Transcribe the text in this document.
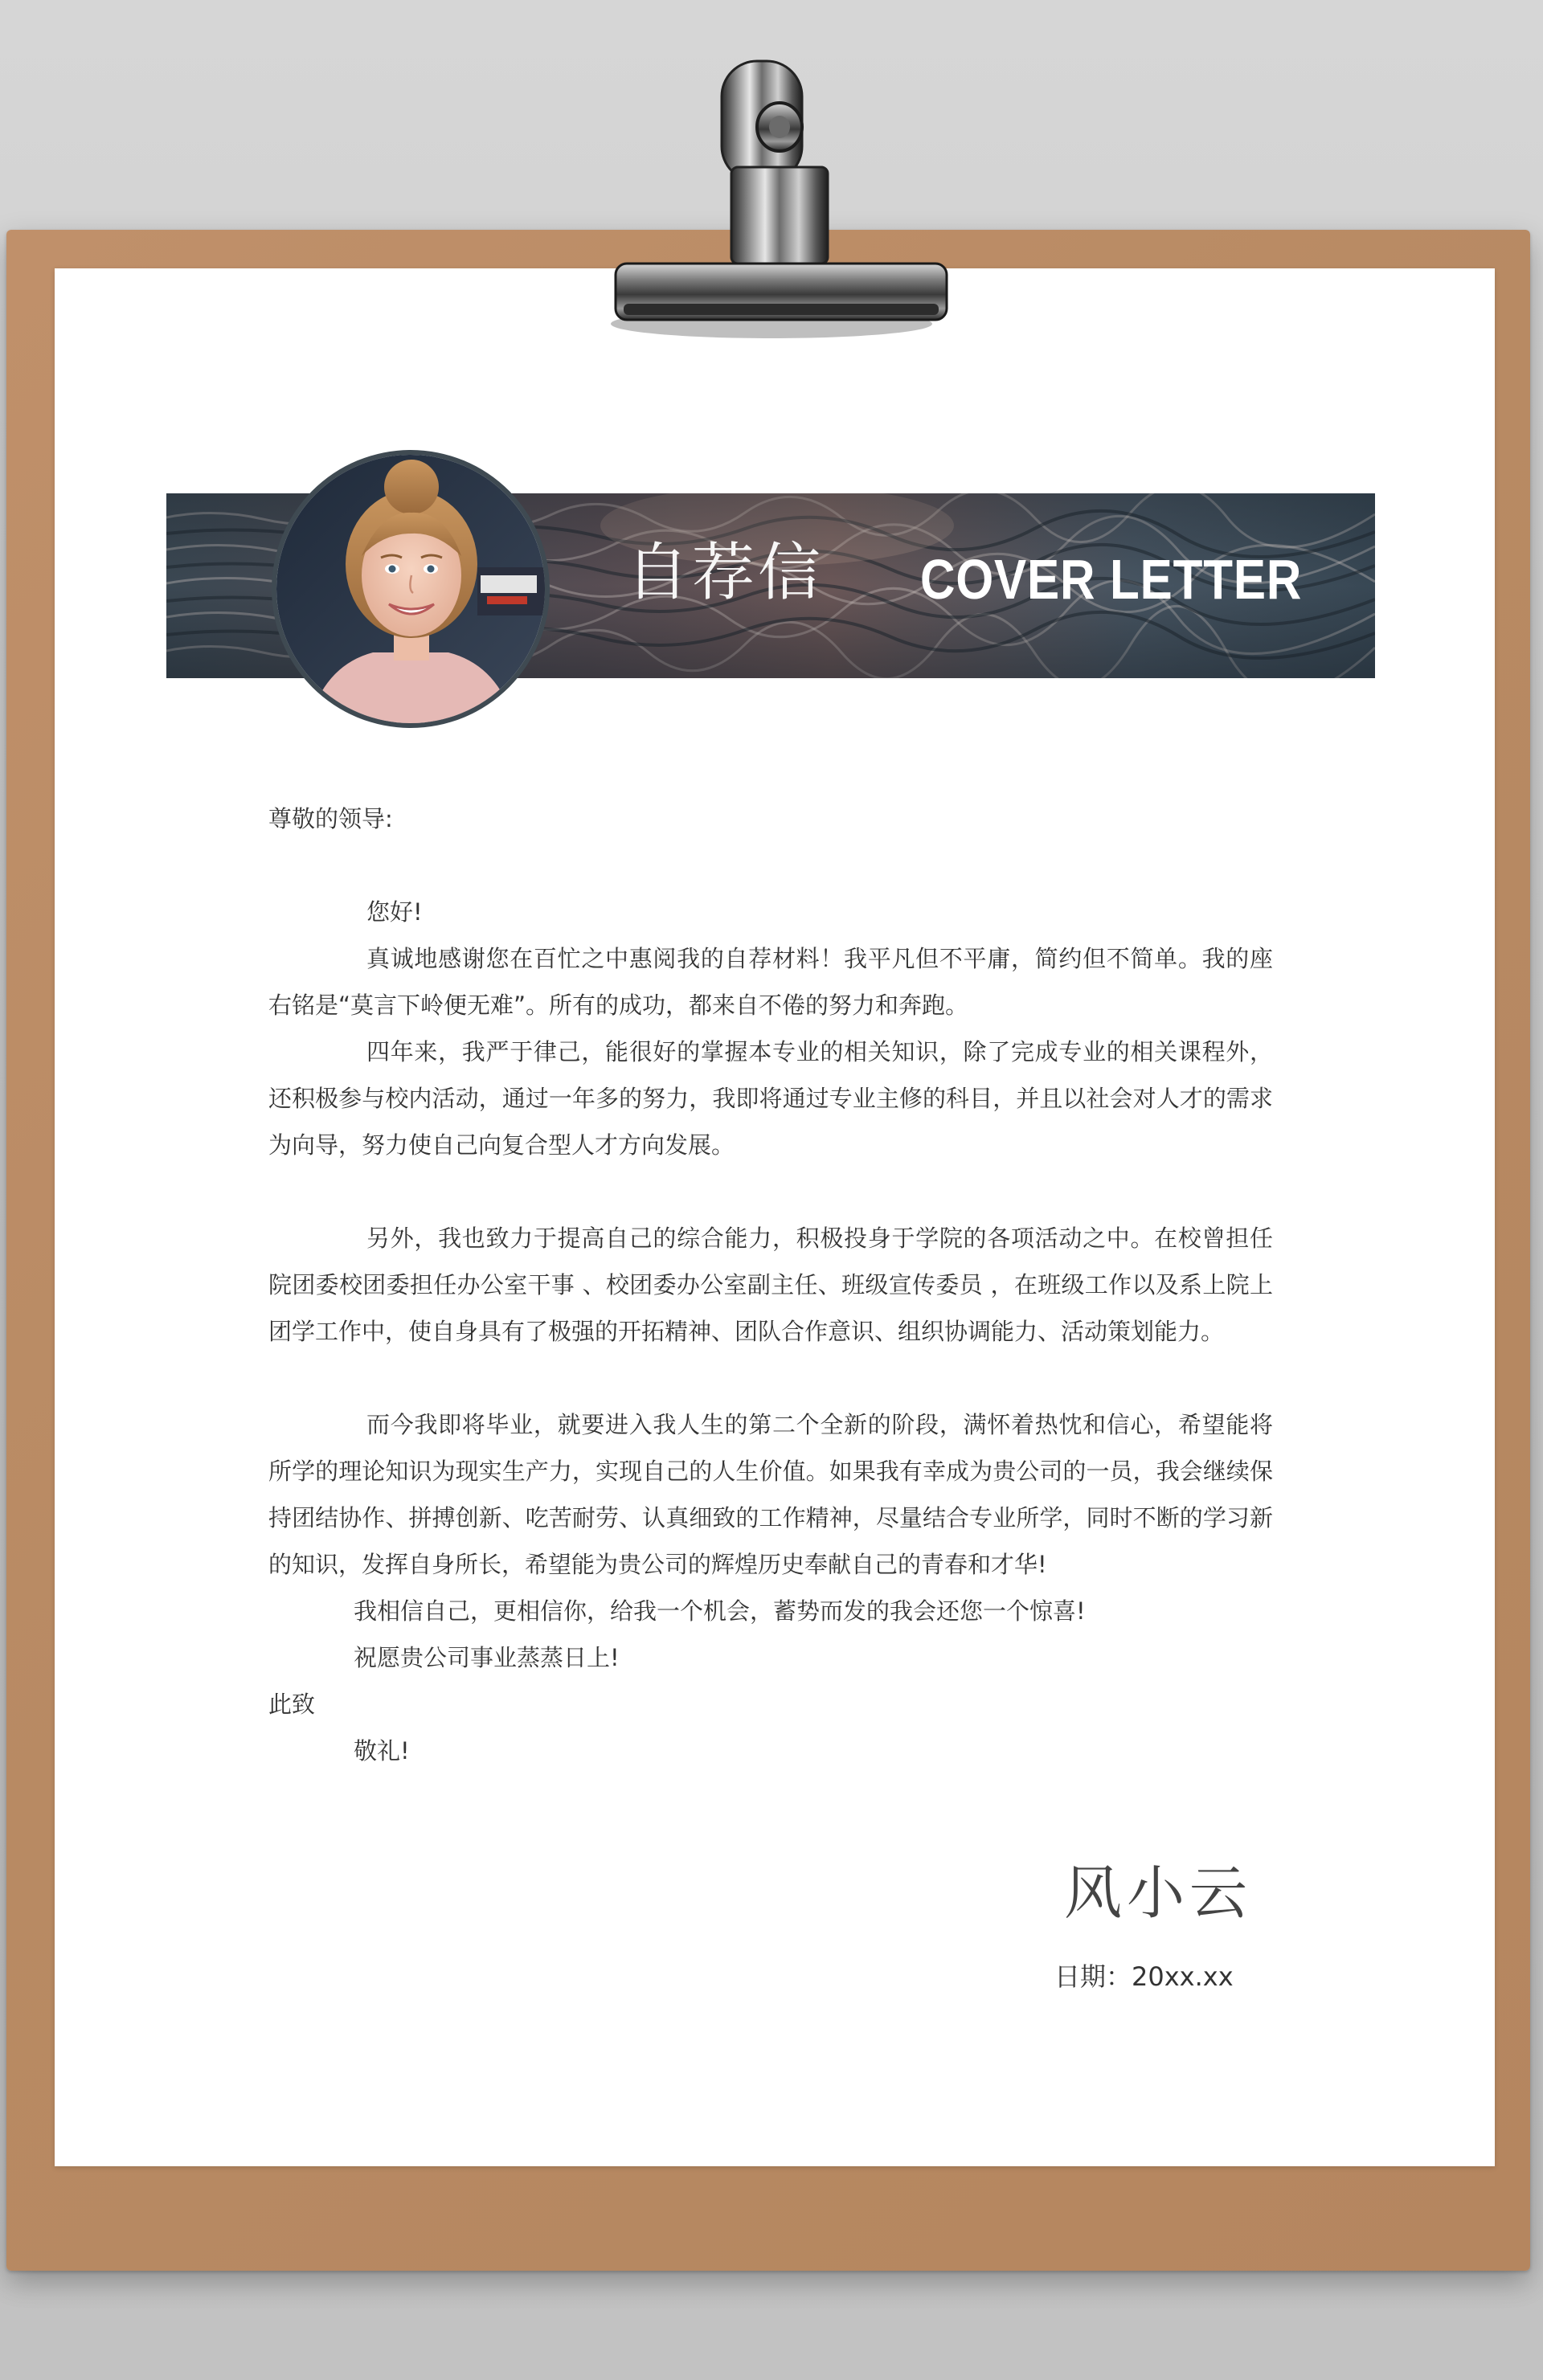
自荐信 COVER LETTER

尊敬的领导:

您好!

真诚地感谢您在百忙之中惠阅我的自荐材料！我平凡但不平庸，简约但不简单。我的座右铭是“莫言下岭便无难”。所有的成功，都来自不倦的努力和奔跑。

四年来，我严于律己，能很好的掌握本专业的相关知识，除了完成专业的相关课程外，还积极参与校内活动，通过一年多的努力，我即将通过专业主修的科目，并且以社会对人才的需求为向导，努力使自己向复合型人才方向发展。

另外，我也致力于提高自己的综合能力，积极投身于学院的各项活动之中。在校曾担任院团委校团委担任办公室干事 、校团委办公室副主任、班级宣传委员 ，在班级工作以及系上院上团学工作中，使自身具有了极强的开拓精神、团队合作意识、组织协调能力、活动策划能力。

而今我即将毕业，就要进入我人生的第二个全新的阶段，满怀着热忱和信心，希望能将所学的理论知识为现实生产力，实现自己的人生价值。如果我有幸成为贵公司的一员，我会继续保持团结协作、拼搏创新、吃苦耐劳、认真细致的工作精神，尽量结合专业所学，同时不断的学习新的知识，发挥自身所长，希望能为贵公司的辉煌历史奉献自己的青春和才华!

我相信自己，更相信你，给我一个机会，蓄势而发的我会还您一个惊喜!

祝愿贵公司事业蒸蒸日上!

此致

敬礼!

风小云
日期：20xx.xx
